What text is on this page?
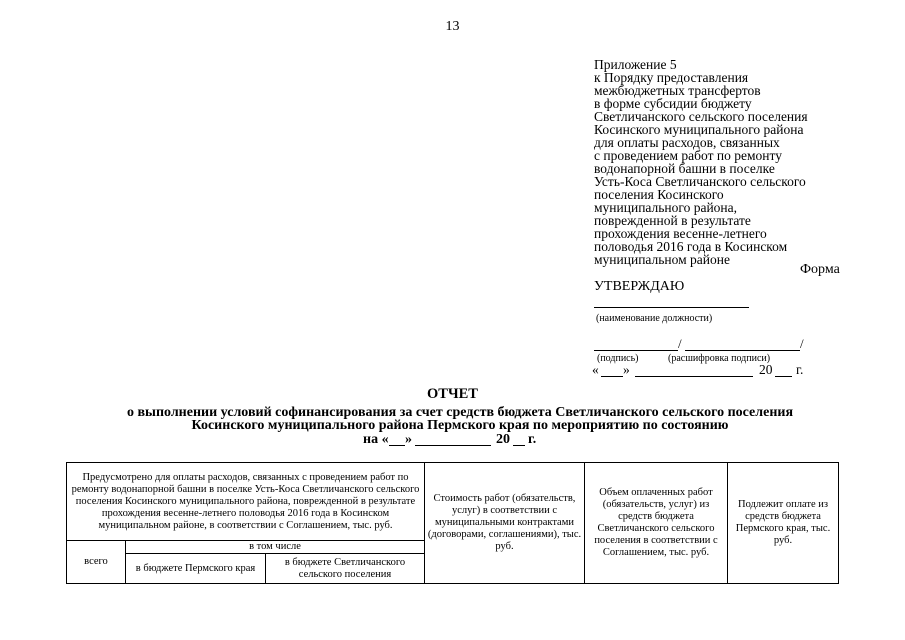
13
Приложение 5
к Порядку предоставления
межбюджетных трансфертов
в форме субсидии бюджету
Светличанского сельского поселения
Косинского муниципального района
для оплаты расходов, связанных
с проведением работ по ремонту
водонапорной башни в поселке
Усть-Коса Светличанского сельского
поселения Косинского
муниципального района,
поврежденной в результате
прохождения весенне-летнего
половодья 2016 года в Косинском
муниципальном районе
Форма
УТВЕРЖДАЮ
(наименование должности)
/	/
(подпись)	(расшифровка подписи)
« »	20 г.
ОТЧЕТ
о выполнении условий софинансирования за счет средств бюджета Светличанского сельского поселения
Косинского муниципального района Пермского края по мероприятию по состоянию
на « »	20 г.
Предусмотрено для оплаты расходов, связанных с проведением работ по ремонту водонапорной башни в поселке Усть-Коса Светличанского сельского поселения Косинского муниципального района, поврежденной в результате прохождения весенне-летнего половодья 2016 года в Косинском муниципальном районе, в соответствии с Соглашением, тыс. руб.			Стоимость работ (обязательств, услуг) в соответствии с муниципальными контрактами (договорами, соглашениями), тыс. руб.	Объем оплаченных работ (обязательств, услуг) из средств бюджета Светличанского сельского поселения в соответствии с Соглашением, тыс. руб.	Подлежит оплате из средств бюджета Пермского края, тыс. руб.
всего	в том числе				
	в бюджете Пермского края	в бюджете Светличанского сельского поселения			
